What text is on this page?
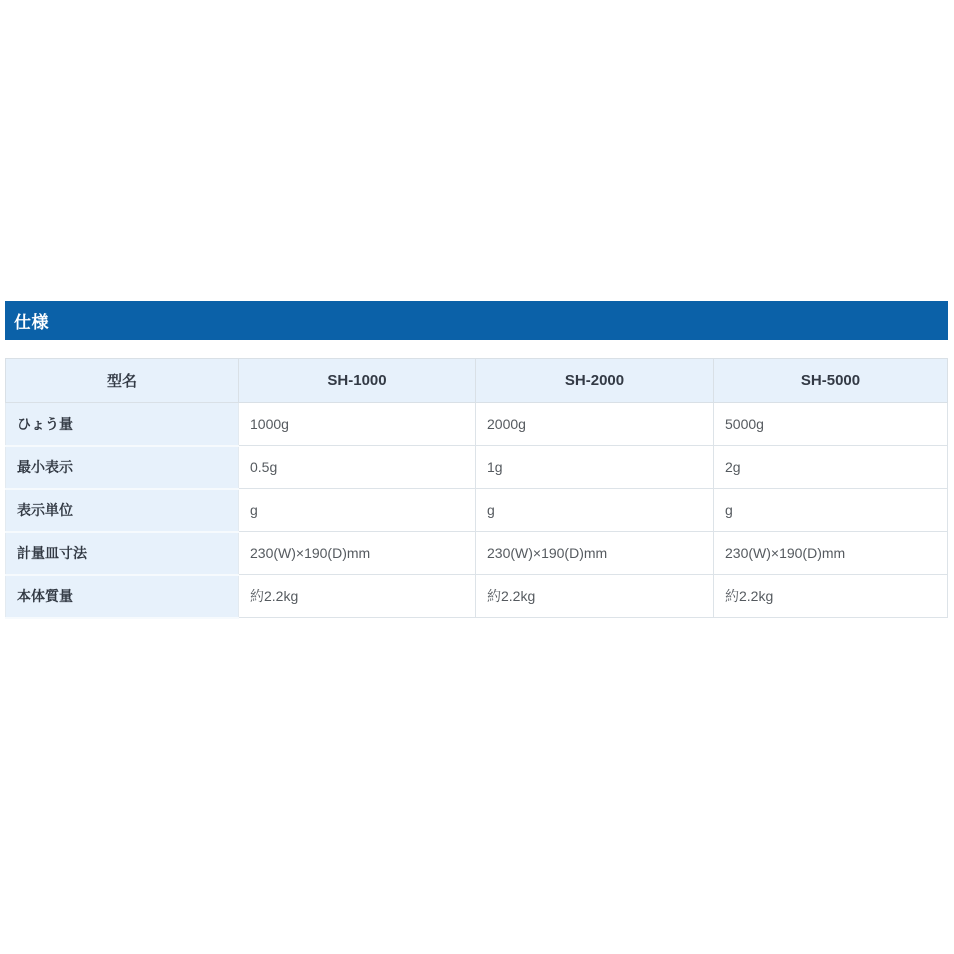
仕様
型名	SH-1000	SH-2000	SH-5000
ひょう量	1000g	2000g	5000g
最小表示	0.5g	1g	2g
表示単位	g	g	g
計量皿寸法	230(W)×190(D)mm	230(W)×190(D)mm	230(W)×190(D)mm
本体質量	約2.2kg	約2.2kg	約2.2kg
